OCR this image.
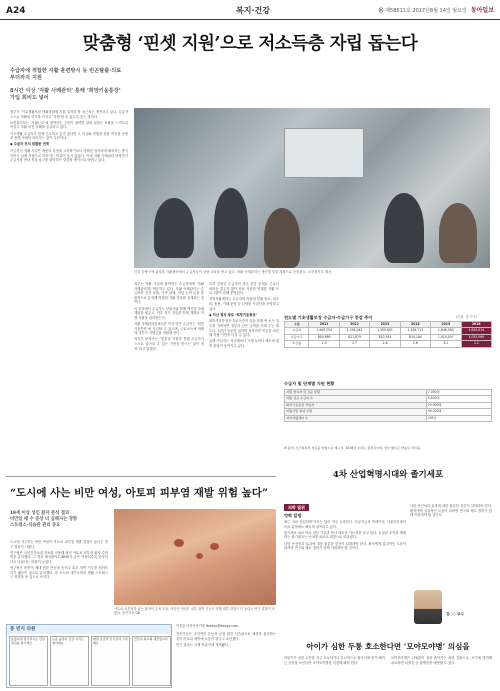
A24	복지·건강	㉿ 제58511호 2017년8월 14일 월요일 동아일보
맞춤형 ‘핀셋 지원’으로 저소득층 자립 돕는다
수급자에 적합한 자활 훈련방식 등 빈곤탈출·의료 부터까지 지원
8시간 이상 ‘자활 사례관리’ 통해 ‘희망키움통장’ 가입 회비도 넣어

정부가 ‘기초생활보장 생활복합제 지원 일자리’를 차근차근 개선하고 있다. 수급자 스스로 자활의 의지를 가지고 ‘자립’할 수 있도록 돕는 것이다.

보건복지부는 ‘자활근로’에 참여하는 주민이 참여한 뒤에 일하는 보람을 느끼도록 이끌고 자활 성공 사례를 공유하고 있다.

기초생활 수급자가 현재 근로하고 있지 않다면 그 이유와 자립을 위한 여건을 상담을 통해 자세히 파악하는 것이 우선이다.

◆ 수급자 전의 원활한 연계

지금까지 자활 사업은 개인의 특성을 고려하기보다 정해진 일자리에 배치하는 방식이어서 실제 자립으로 이어지는 비율이 높지 않았다. 이에 자활 사례관리 담당자가 수급자를 만나 직접 욕구를 파악하는 맞춤형 방식으로 바뀌고 있다.

서울 중랑구에 위치한 자활센터에서 수급자들이 상담·교육을 받고 있다. 자활 사례관리는 개인별 맞춤 계획으로 운영된다. 보건복지부 제공

정부는 자활 사업에 참여하는 수급자에게 ‘자활 사례관리’를 제공하고 있다. 자활 사례관리는 수급자의 건강 상태, 가족 관계, 직업 능력 등을 종합적으로 분석해 적합한 자활 경로를 설계하는 것이다.

이 과정에서 수급자는 상담사와 함께 개인별 자립 계획을 세우고, 이후 정기 점검을 통해 계획의 이행 상황을 관리받는다.

자활 사례관리를 8시간 이상 받은 수급자는 ‘희망키움통장’에 가입할 수 있으며, 근로소득에 비례해 정부가 지원금을 적립해 준다.

복지부 관계자는 “맞춤형 지원을 통해 수급자가 스스로 일어설 수 있는 기반을 만드는 것이 목표”라고 말했다.

특히 중장년 수급자의 경우 건강 문제로 근로가 어려운 경우가 많아 의료 지원과 연계한 자활 프로그램이 함께 운영된다.

지역자활센터는 수급자의 적성에 맞춰 청소, 집수리, 돌봄, 카페 운영 등 다양한 사업단을 운영하고 있다.

◆ 자산 형성 통로 ‘희망키움통장’

희망키움통장은 저소득층이 일을 통해 번 소득 일부를 저축하면 정부가 같은 금액을 더해 주는 제도다. 3년간 꾸준히 일하며 저축하면 목돈을 마련해 자립 기반을 다질 수 있다.

올해 가입자는 지난해보다 크게 늘어나 제도에 대한 관심이 높아지고 있다.

연도별 기초생활보장 수급자·수급가구 증감 추이	(단위: 명·가구)
구분	2011	2012	2013	2014	2015	2016
수급자	1,469,254	1,394,042	1,350,891	1,328,713	1,646,363	1,630,614
수급가구	850,689	821,879	810,544	814,184	1,014,097	1,035,069
수급률	2.9	2.7	2.6	2.6	3.2	3.2
수급자 및 단계별 지원 현황
자활 참여자 및 성공 현황	7,000명
자활 성공 수급자 수	5,500명
희망키움통장 가입자	20,000명
자활사업 참여 인원	45,000명
지역자활센터 수	249곳
※ 출처: 보건복지부 자료를 바탕으로 재구성. 2016년 수치는 잠정치이며, 일부 항목은 반올림 처리됨.
4차 산업혁명시대와 졸기세포
“도시에 사는 비만 여성, 아토피 피부염 재발 위험 높다”
19세 이상 성인 환자 분석 결과
비만일 때 수 증상 더 심해지는 경향
스트레스·식습관 관리 중요

도시에 거주하는 비만 여성이 아토피 피부염 재발 위험이 높다는 연구 결과가 나왔다.

연구팀은 국민건강보험 자료를 이용해 성인 아토피 피부염 환자 수만 명을 분석했다. 그 결과 체질량지수(BMI)가 높은 여성일수록 증상이 다시 나타나는 비율이 높았다.

연구팀은 비만이 체내 염증 반응을 높이고 피부 장벽 기능을 떨어뜨리기 때문인 것으로 분석했다. 또 도시의 대기오염과 생활 스트레스도 영향을 준 것으로 보인다.

아토피 피부염을 앓는 환자의 손목 모습. 비만인 여성은 피부 장벽 기능이 약해 재발 위험이 더 높다는 연구 결과가 나왔다. 동아일보 DB

전문가들은 규칙적인 운동과 균형 잡힌 식습관으로 체중을 관리하는 것이 아토피 예방에 도움이 된다고 조언했다.

연구 결과는 국제 학술지에 게재됐다.

이진한 의학전문기자 likeday@donga.com
의학 열위
약학 칼럼

최근 ‘4차 산업혁명’이라는 말이 자주 등장한다. 인공지능과 빅데이터, 사물인터넷이 의료 분야에도 빠르게 접목되고 있다.

줄기세포 치료 역시 첨단 기술과 만나 새로운 가능성을 열고 있다. 손상된 조직을 재생하는 줄기세포는 난치병 치료의 희망으로 떠올랐다.

다만 안전성과 효과에 대한 충분한 검증이 뒤따라야 한다. 환자에게 실질적인 도움이 되려면 연구와 제도 정비가 함께 이뤄져야 할 것이다.

다만 안전성과 효과에 대한 충분한 검증이 뒤따라야 한다. 환자에게 실질적인 도움이 되려면 연구와 제도 정비가 함께 이뤄져야 할 것이다.

김○○ 교수
풍 빈지 의원
총총하면 정기적으로 건강 검진을 받으세요
요즘 습관이 건강 지키는 법이에요
매일 조금씩 걷기부터 시작해요
건강이 최고의 재산입니다
아이가 심한 두통 호소한다면 ‘모야모야병’ 의심을

어린이가 심한 두통을 자주 호소하거나 일시적으로 팔다리에 힘이 빠지는 증상을 보인다면 모야모야병을 의심해 봐야 한다.

모야모야병은 뇌혈관이 점차 좁아지는 희귀 질환으로, 조기에 발견해 치료하면 뇌졸중 등 합병증을 예방할 수 있다.
